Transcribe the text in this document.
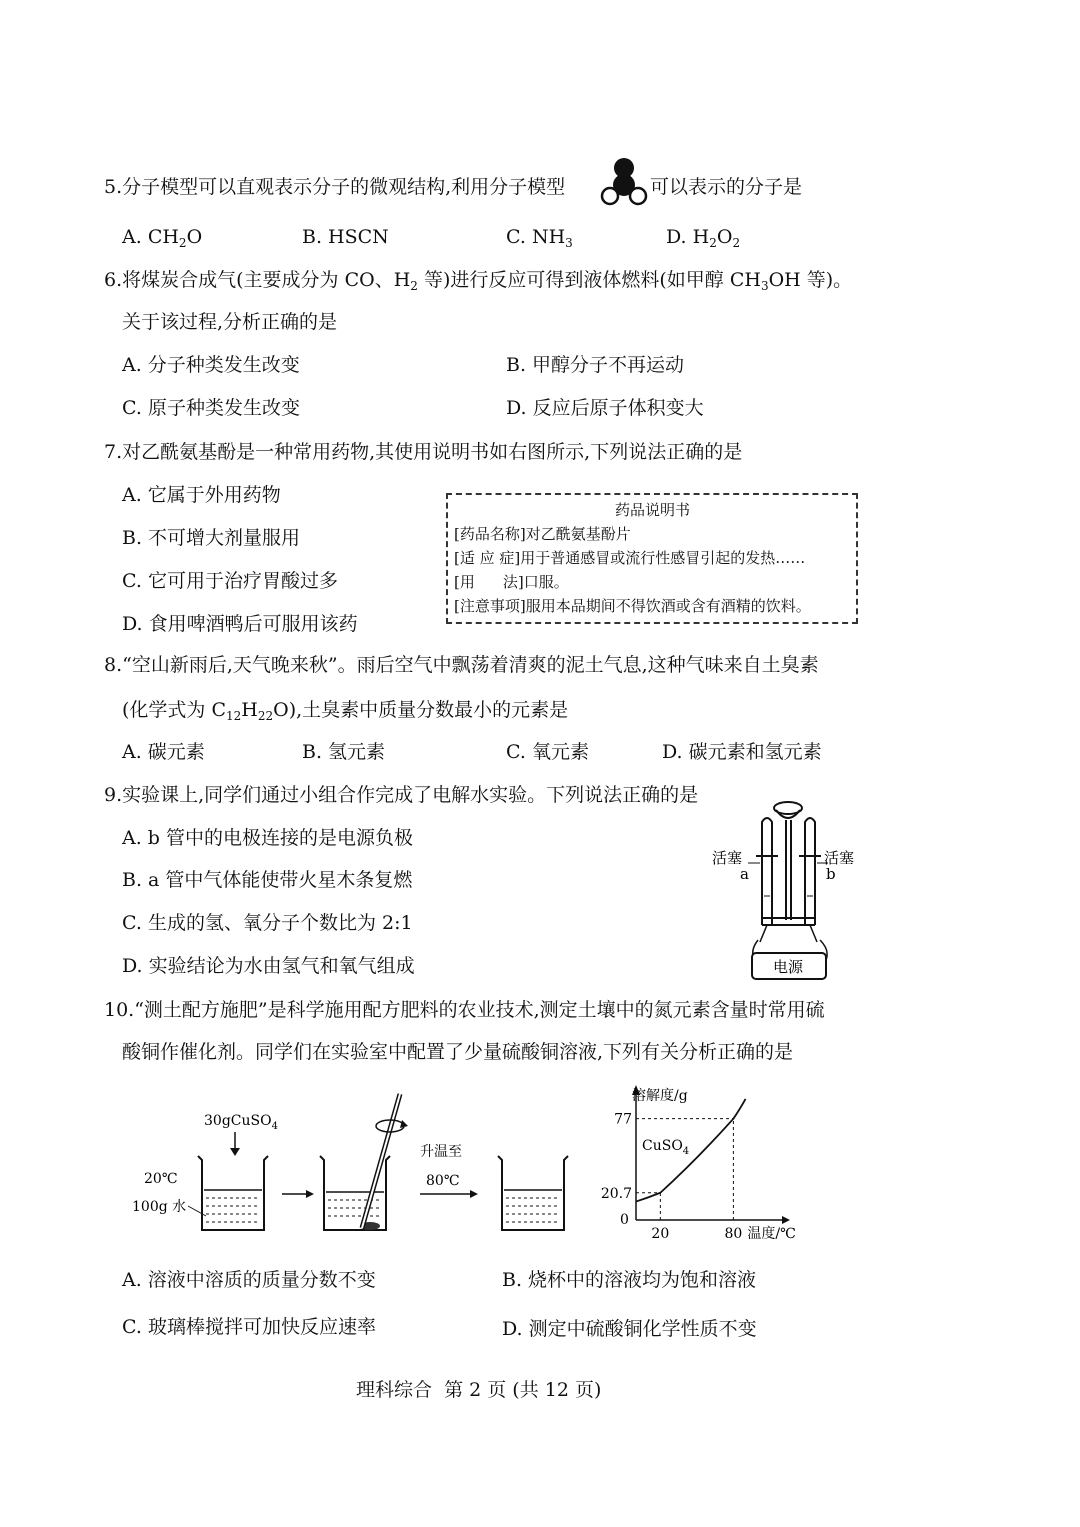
5.分子模型可以直观表示分子的微观结构,利用分子模型	可以表示的分子是
A. $CH_2O$	B. HSCN	C. $NH_3$	D. $H_2O_2$
6.将煤炭合成气(主要成分为 CO、$H_2$ 等)进行反应可得到液体燃料(如甲醇 $CH_3OH$ 等)。
关于该过程,分析正确的是
A. 分子种类发生改变	B. 甲醇分子不再运动
C. 原子种类发生改变	D. 反应后原子体积变大
7.对乙酰氨基酚是一种常用药物,其使用说明书如右图所示,下列说法正确的是
A. 它属于外用药物
B. 不可增大剂量服用
C. 它可用于治疗胃酸过多
D. 食用啤酒鸭后可服用该药
药品说明书
[药品名称]对乙酰氨基酚片
[适 应 症]用于普通感冒或流行性感冒引起的发热……
[用 法]口服。
[注意事项]服用本品期间不得饮酒或含有酒精的饮料。
8.“空山新雨后,天气晚来秋”。雨后空气中飘荡着清爽的泥土气息,这种气味来自土臭素
(化学式为 $C_{12}H_{22}O$),土臭素中质量分数最小的元素是
A. 碳元素	B. 氢元素	C. 氧元素	D. 碳元素和氢元素
9.实验课上,同学们通过小组合作完成了电解水实验。下列说法正确的是
A. b 管中的电极连接的是电源负极
B. a 管中气体能使带火星木条复燃
C. 生成的氢、氧分子个数比为 2:1
D. 实验结论为水由氢气和氧气组成
活塞	活塞
a	b
电源
10.“测土配方施肥”是科学施用配方肥料的农业技术,测定土壤中的氮元素含量时常用硫
酸铜作催化剂。同学们在实验室中配置了少量硫酸铜溶液,下列有关分析正确的是
30gCuSO$_4$
20℃
100g 水
升温至
80℃
溶解度/g
温度/℃
0
20	80
20.7
77
CuSO$_4$
A. 溶液中溶质的质量分数不变	B. 烧杯中的溶液均为饱和溶液
C. 玻璃棒搅拌可加快反应速率	D. 测定中硫酸铜化学性质不变
理科综合  第 2 页 (共 12 页)
